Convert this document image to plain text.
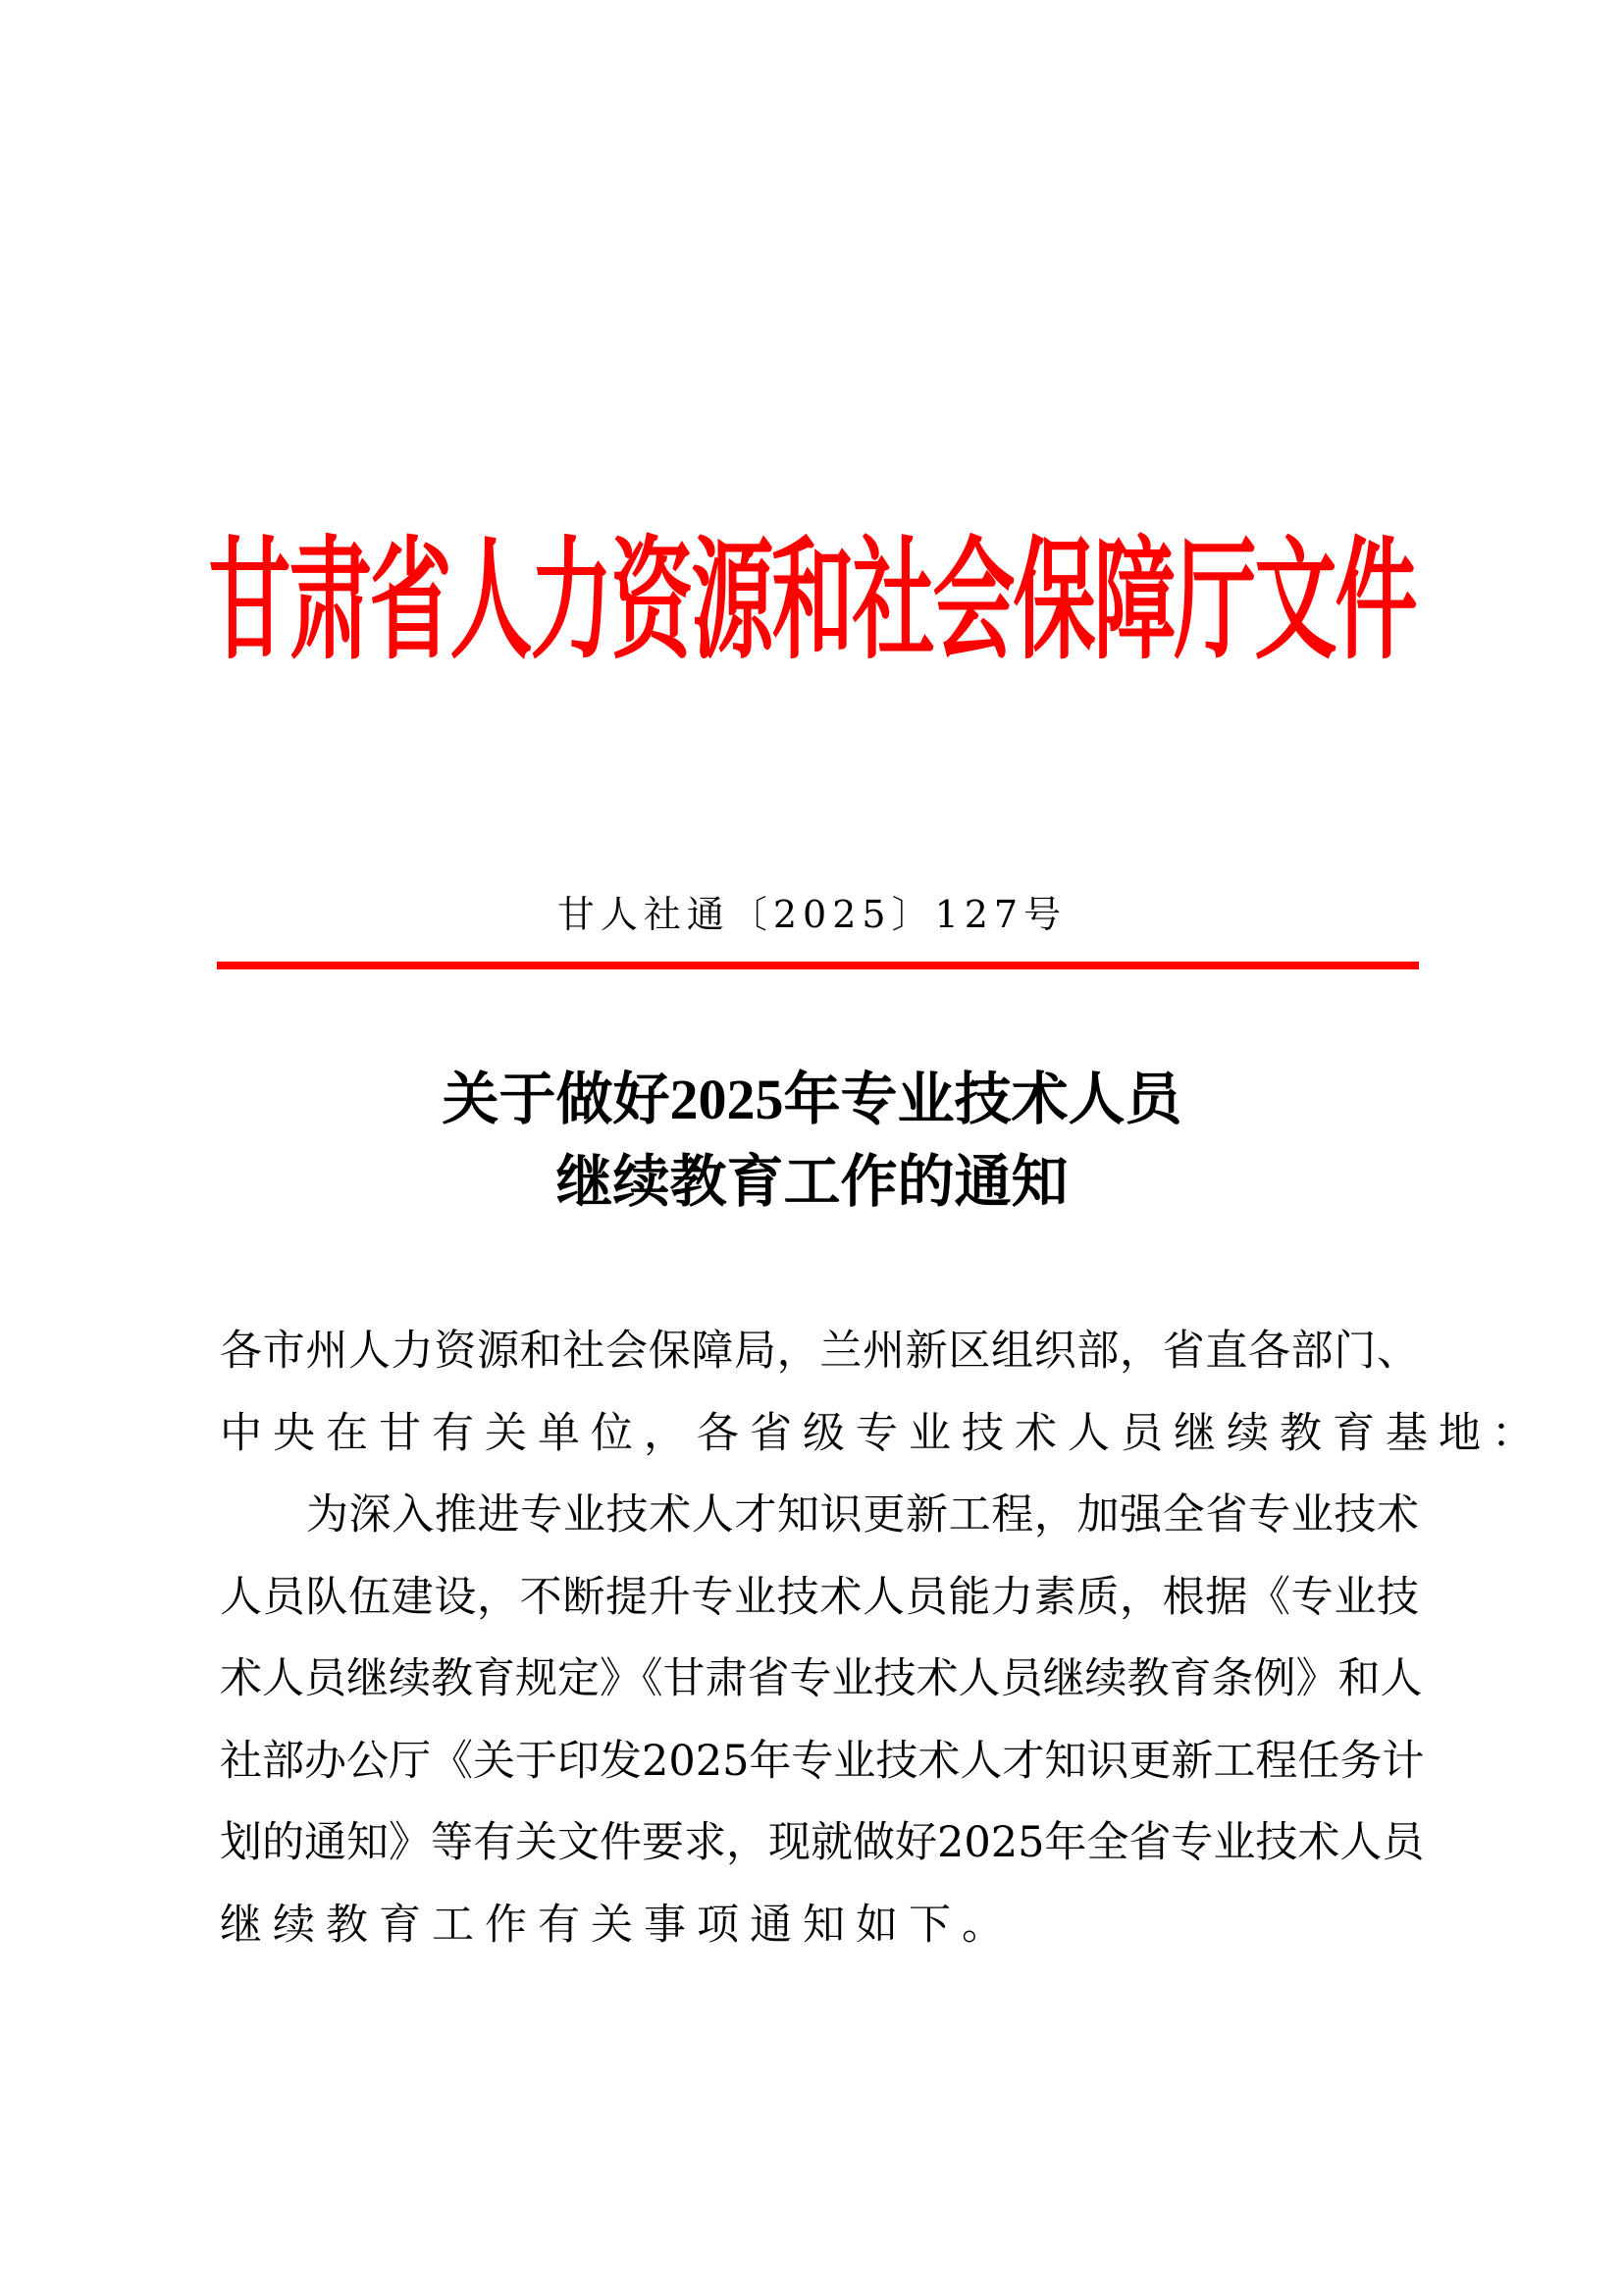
甘肃省人力资源和社会保障厅文件
甘人社通〔2025〕127号
关于做好2025年专业技术人员
继续教育工作的通知
各市州人力资源和社会保障局，兰州新区组织部，省直各部门、
中央在甘有关单位，各省级专业技术人员继续教育基地：
为深入推进专业技术人才知识更新工程，加强全省专业技术
人员队伍建设，不断提升专业技术人员能力素质，根据《专业技
术人员继续教育规定》《甘肃省专业技术人员继续教育条例》和人
社部办公厅《关于印发2025年专业技术人才知识更新工程任务计
划的通知》等有关文件要求，现就做好2025年全省专业技术人员
继续教育工作有关事项通知如下。
